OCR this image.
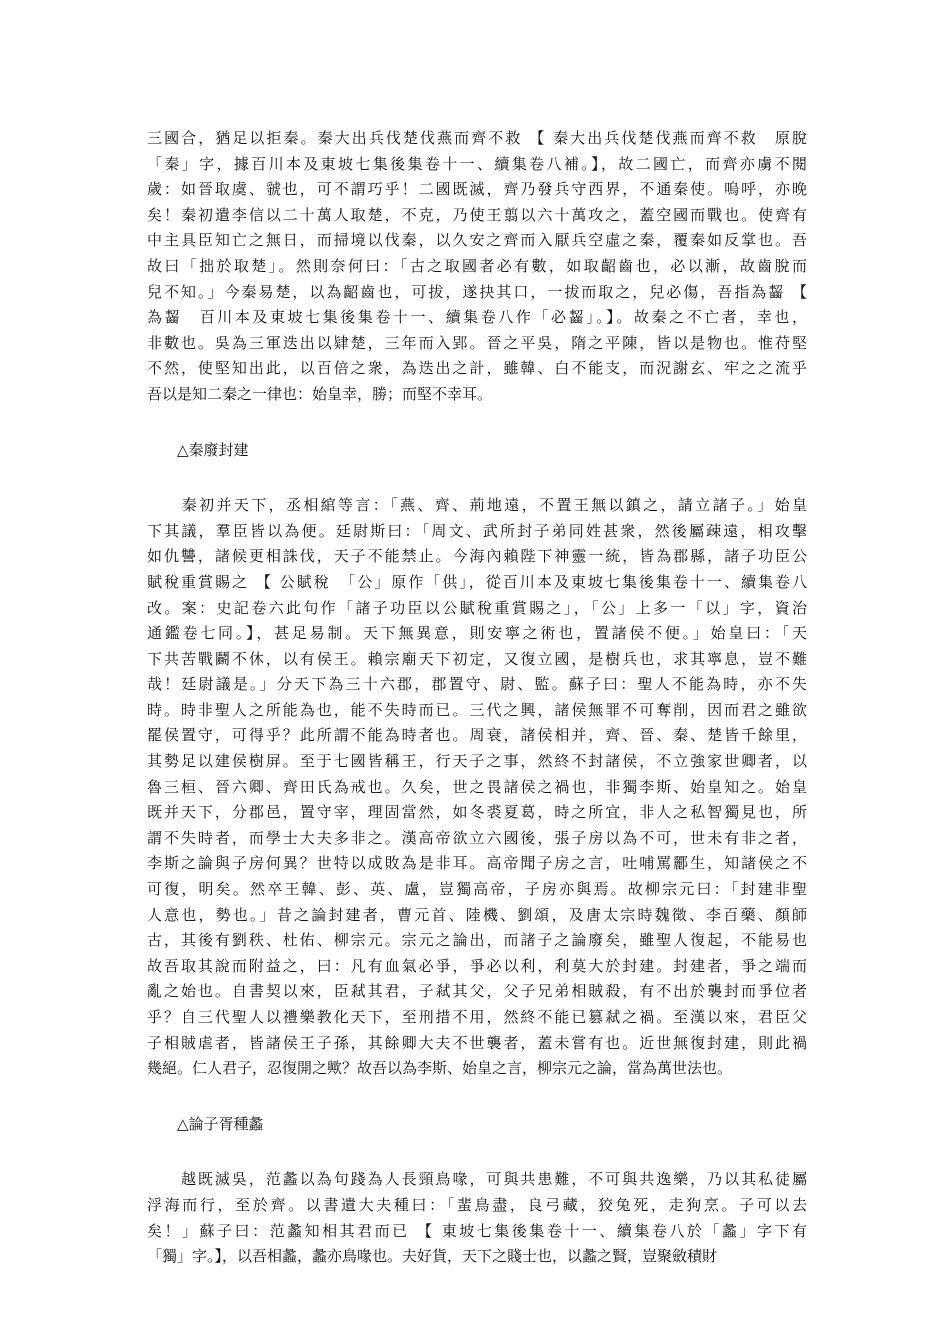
三國合，猶足以拒秦。秦大出兵伐楚伐燕而齊不救 【 秦大出兵伐楚伐燕而齊不救　原脫
「秦」字，據百川本及東坡七集後集卷十一、續集卷八補。】，故二國亡，而齊亦虜不閱
歲：如晉取虞、虢也，可不謂巧乎！二國既滅，齊乃發兵守西界，不通秦使。嗚呼，亦晚
矣！秦初遣李信以二十萬人取楚，不克，乃使王翦以六十萬攻之，蓋空國而戰也。使齊有
中主具臣知亡之無日，而掃境以伐秦，以久安之齊而入厭兵空虛之秦，覆秦如反掌也。吾
故曰「拙於取楚」。然則奈何曰：「古之取國者必有數，如取齠齒也，必以漸，故齒脫而
兒不知。」今秦易楚，以為齠齒也，可拔，遂抉其口，一拔而取之，兒必傷，吾指為齧 【
為齧　百川本及東坡七集後集卷十一、續集卷八作「必齧」。】。故秦之不亡者，幸也，
非數也。吳為三軍迭出以肄楚，三年而入郢。晉之平吳，隋之平陳，皆以是物也。惟苻堅
不然，使堅知出此，以百倍之衆，為迭出之計，雖韓、白不能支，而況謝玄、牢之之流乎
吾以是知二秦之一律也：始皇幸，勝；而堅不幸耳。
△秦廢封建
　　秦初并天下，丞相綰等言：「燕、齊、荊地遠，不置王無以鎮之，請立諸子。」始皇
下其議，羣臣皆以為便。廷尉斯曰：「周文、武所封子弟同姓甚衆，然後屬疎遠，相攻擊
如仇讐，諸候更相誅伐，天子不能禁止。今海內賴陛下神靈一統，皆為郡縣，諸子功臣公
賦稅重賞賜之 【 公賦稅　「公」原作「供」，從百川本及東坡七集後集卷十一、續集卷八
改。案：史記卷六此句作「諸子功臣以公賦稅重賞賜之」，「公」上多一「以」字，資治
通鑑卷七同。】，甚足易制。天下無異意，則安寧之術也，置諸侯不便。」始皇曰：「天
下共苦戰鬬不休，以有侯王。賴宗廟天下初定，又復立國，是樹兵也，求其寧息，豈不難
哉！廷尉議是。」分天下為三十六郡，郡置守、尉、監。蘇子曰：聖人不能為時，亦不失
時。時非聖人之所能為也，能不失時而已。三代之興，諸侯無罪不可奪削，因而君之雖欲
罷侯置守，可得乎？此所謂不能為時者也。周衰，諸侯相并，齊、晉、秦、楚皆千餘里，
其勢足以建侯樹屏。至于七國皆稱王，行天子之事，然終不封諸侯，不立強家世卿者，以
魯三桓、晉六卿、齊田氏為戒也。久矣，世之畏諸侯之禍也，非獨李斯、始皇知之。始皇
既并天下，分郡邑，置守宰，理固當然，如冬裘夏葛，時之所宜，非人之私智獨見也，所
謂不失時者，而學士大夫多非之。漢高帝欲立六國後，張子房以為不可，世未有非之者，
李斯之論與子房何異？世特以成敗為是非耳。高帝聞子房之言，吐哺罵酈生，知諸侯之不
可復，明矣。然卒王韓、彭、英、盧，豈獨高帝，子房亦與焉。故柳宗元曰：「封建非聖
人意也，勢也。」昔之論封建者，曹元首、陸機、劉頌，及唐太宗時魏徵、李百藥、顏師
古，其後有劉秩、杜佑、柳宗元。宗元之論出，而諸子之論廢矣，雖聖人復起，不能易也
故吾取其說而附益之，曰：凡有血氣必爭，爭必以利，利莫大於封建。封建者，爭之端而
亂之始也。自書契以來，臣弒其君，子弒其父，父子兄弟相賊殺，有不出於襲封而爭位者
乎？自三代聖人以禮樂教化天下，至刑措不用，然終不能已篡弒之禍。至漢以來，君臣父
子相賊虐者，皆諸侯王子孫，其餘卿大夫不世襲者，蓋未嘗有也。近世無復封建，則此禍
幾絕。仁人君子，忍復開之歟？故吾以為李斯、始皇之言，柳宗元之論，當為萬世法也。
△論子胥種蠡
　　越既滅吳，范蠡以為句踐為人長頸鳥喙，可與共患難，不可與共逸樂，乃以其私徒屬
浮海而行，至於齊。以書遺大夫種曰：「蜚鳥盡，良弓藏，狡兔死，走狗烹。子可以去
矣！」蘇子曰：范蠡知相其君而已 【 東坡七集後集卷十一、續集卷八於「蠡」字下有
「獨」字。】，以吾相蠡，蠡亦鳥喙也。夫好貨，天下之賤士也，以蠡之賢，豈聚斂積財
